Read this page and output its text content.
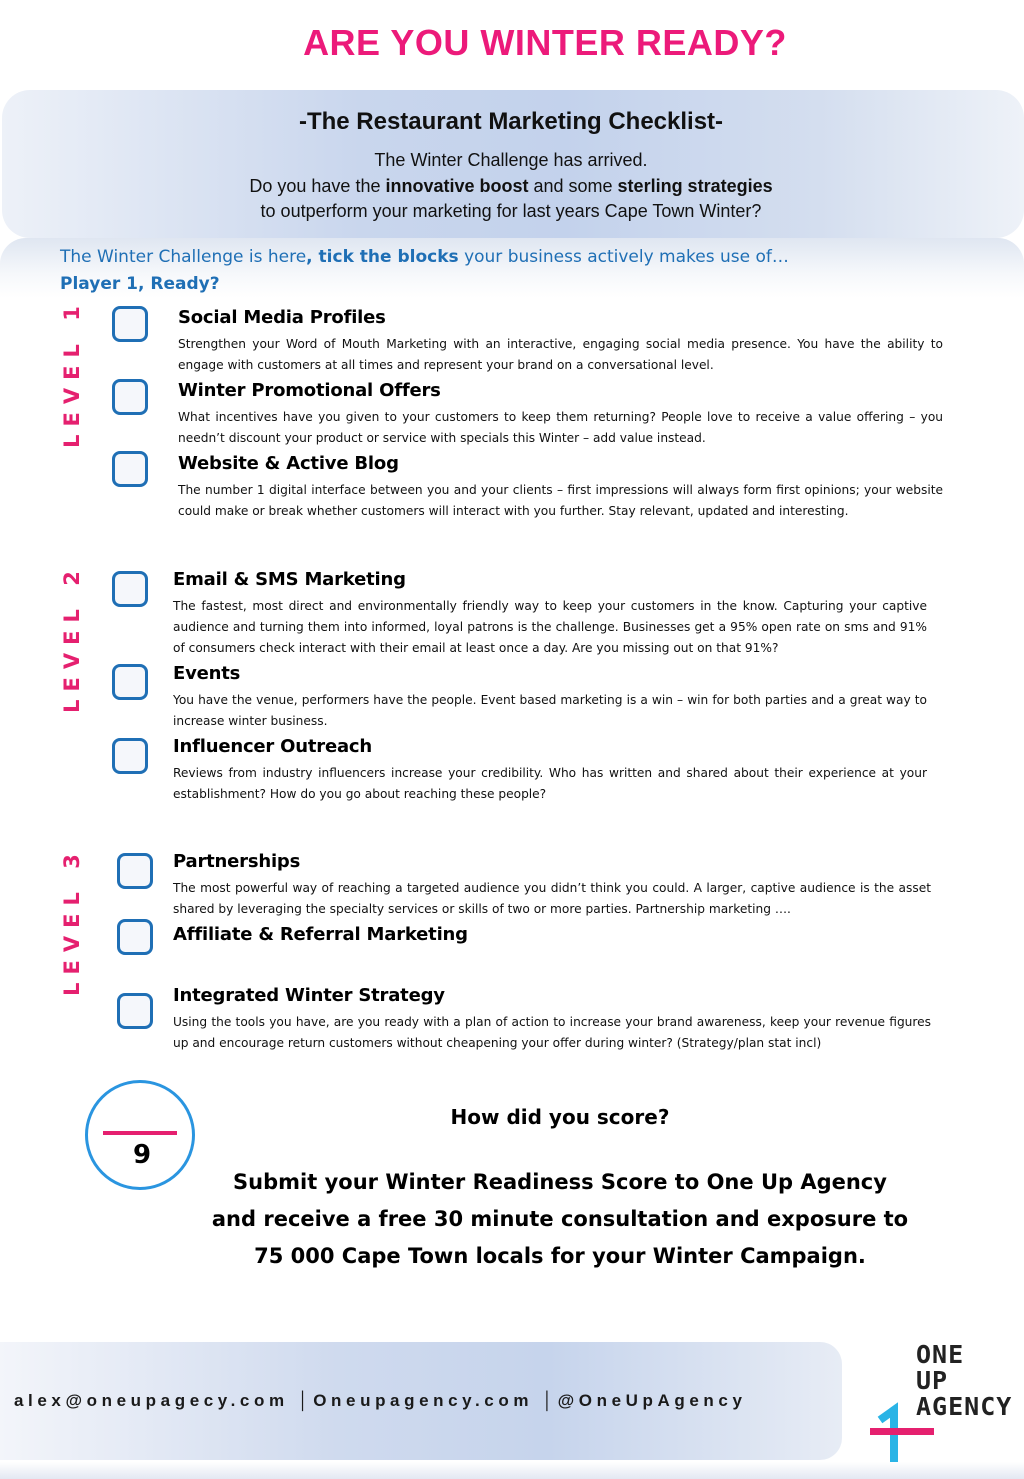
ARE YOU WINTER READY?
-The Restaurant Marketing Checklist-
The Winter Challenge has arrived.
Do you have the innovative boost and some sterling strategies
to outperform your marketing for last years Cape Town Winter?
The Winter Challenge is here, tick the blocks your business actively makes use of…
Player 1, Ready?
LEVEL 1
LEVEL 2
LEVEL 3
Social Media Profiles
Strengthen your Word of Mouth Marketing with an interactive, engaging social media presence. You have the ability to engage with customers at all times and represent your brand on a conversational level.
Winter Promotional Offers
What incentives have you given to your customers to keep them returning? People love to receive a value offering – you needn’t discount your product or service with specials this Winter – add value instead.
Website & Active Blog
The number 1 digital interface between you and your clients – first impressions will always form first opinions; your website could make or break whether customers will interact with you further. Stay relevant, updated and interesting.
Email & SMS Marketing
The fastest, most direct and environmentally friendly way to keep your customers in the know. Capturing your captive audience and turning them into informed, loyal patrons is the challenge. Businesses get a 95% open rate on sms and 91% of consumers check interact with their email at least once a day. Are you missing out on that 91%?
Events
You have the venue, performers have the people. Event based marketing is a win – win for both parties and a great way to increase winter business.
Influencer Outreach
Reviews from industry influencers increase your credibility. Who has written and shared about their experience at your establishment? How do you go about reaching these people?
Partnerships
The most powerful way of reaching a targeted audience you didn’t think you could. A larger, captive audience is the asset shared by leveraging the specialty services or skills of two or more parties. Partnership marketing ….
Affiliate & Referral Marketing
Integrated Winter Strategy
Using the tools you have, are you ready with a plan of action to increase your brand awareness, keep your revenue figures up and encourage return customers without cheapening your offer during winter? (Strategy/plan stat incl)
9
How did you score?
Submit your Winter Readiness Score to One Up Agency
and receive a free 30 minute consultation and exposure to
75 000 Cape Town locals for your Winter Campaign.
alex@oneupagecy.com │Oneupagency.com │@OneUpAgency
ONE
UP
AGENCY
